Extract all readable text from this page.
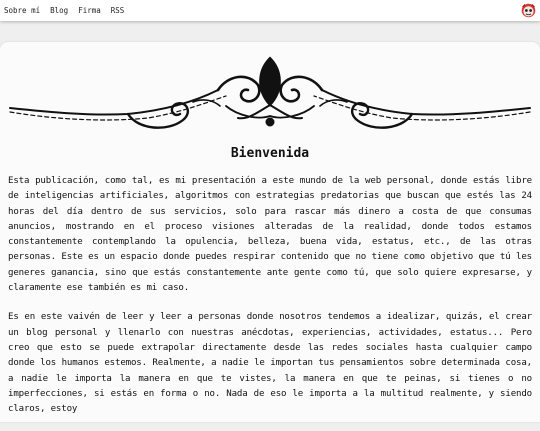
Sobre mí Blog Firma RSS
Bienvenida

Esta publicación, como tal, es mi presentación a este mundo de la web personal, donde estás libre de inteligencias artificiales, algoritmos con estrategias predatorias que buscan que estés las 24 horas del día dentro de sus servicios, solo para rascar más dinero a costa de que consumas anuncios, mostrando en el proceso visiones alteradas de la realidad, donde todos estamos constantemente contemplando la opulencia, belleza, buena vida, estatus, etc., de las otras personas. Este es un espacio donde puedes respirar contenido que no tiene como objetivo que tú les generes ganancia, sino que estás constantemente ante gente como tú, que solo quiere expresarse, y claramente ese también es mi caso.

Es en este vaivén de leer y leer a personas donde nosotros tendemos a idealizar, quizás, el crear un blog personal y llenarlo con nuestras anécdotas, experiencias, actividades, estatus... Pero creo que esto se puede extrapolar directamente desde las redes sociales hasta cualquier campo donde los humanos estemos. Realmente, a nadie le importan tus pensamientos sobre determinada cosa, a nadie le importa la manera en que te vistes, la manera en que te peinas, si tienes o no imperfecciones, si estás en forma o no. Nada de eso le importa a la multitud realmente, y siendo claros, estoy
